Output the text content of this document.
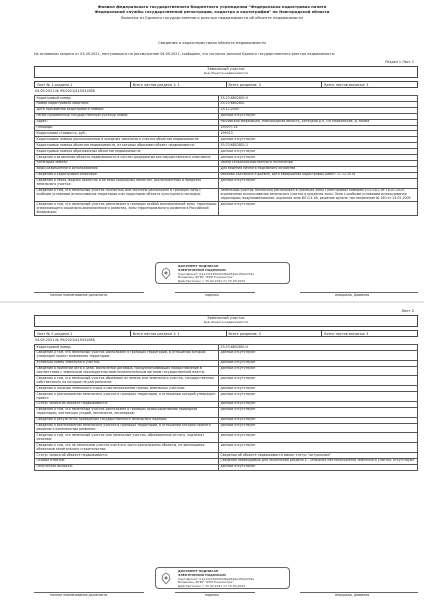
Филиал федерального государственного бюджетного учреждения "Федеральная кадастровая палата
Федеральной службы государственной регистрации, кадастра и картографии" по Новгородской области
Выписка из Единого государственного реестра недвижимости об объекте недвижимости
Сведения о характеристиках объекта недвижимости
На основании запроса от 03.09.2021, поступившего на рассмотрение 04.09.2021, сообщаем, что согласно записям Единого государственного реестра недвижимости:
Раздел 1 Лист 1
Земельный участок
вид объекта недвижимости
Лист № 1 раздела 1	Всего листов раздела 1: 1	Всего разделов: 3	Всего листов выписки: 3
04.09.2021 № 99/2021/419431088
Кадастровый номер:	53:23:6802801:0
Номер кадастрового квартала:	53:23:6802801
Дата присвоения кадастрового номера:	23.12.2005
Ранее присвоенный государственный учетный номер:	данные отсутствуют
Адрес:	Российская Федерация, Новгородская область, Батецкий р-н, с/п Мойкинское, д. Мойка
Площадь:	1500+/-14
Кадастровая стоимость, руб.:	299013
Кадастровые номера расположенных в пределах земельного участка объектов недвижимости:	данные отсутствуют
Кадастровые номера объектов недвижимости, из которых образован объект недвижимости:	53:23:6802801:1
Кадастровые номера образованных объектов недвижимости:	данные отсутствуют
Сведения о включении объекта недвижимости в состав предприятия как имущественного комплекса:	данные отсутствуют
Категория земель:	Земли сельскохозяйственного назначения
Виды разрешенного использования:	Для ведения личного подсобного хозяйства
Сведения о кадастровом инженере:	Иванова Екатерина Юрьевна, дата завершения кадастровых работ: 11.12.2019
Сведения о лесах, водных объектах и об иных природных объектах, расположенных в пределах земельного участка:	данные отсутствуют
Сведения о том, что земельный участок полностью или частично расположен в границах зоны с особыми условиями использования территории или территории объекта культурного наследия:	Земельный участок полностью расположен в границах зоны с реестровым номером 53:23-6.2 от 16.01.2020, ограничение использования земельного участка в пределах зоны: Зона с особыми условиями использования территории, вид/наименование: охранная зона ВЛ-0,4 кВ, решение органа: постановление № 160 от 24.02.2009
Сведения о том, что земельный участок расположен в границах особой экономической зоны, территории опережающего социально-экономического развития, зоны территориального развития в Российской Федерации:	данные отсутствуют
ДОКУМЕНТ ПОДПИСАН
ЭЛЕКТРОННОЙ ПОДПИСЬЮ
Сертификат: 01e13c5300dfad6a934ab1f9a0c59a
Владелец: ФГБУ "ФКП Росреестра"
Действителен: с 15.02.2021 по 15.05.2022
полное наименование должности	подпись	инициалы, фамилия
Лист 2
Земельный участок
вид объекта недвижимости
Лист № 2 раздела 1	Всего листов раздела 1: 1	Всего разделов: 3	Всего листов выписки: 3
04.09.2021 № 99/2021/419431088
Кадастровый номер:	53:23:6802801:0
Сведения о том, что земельный участок расположен в границах территории, в отношении которой утвержден проект межевания территории:	данные отсутствуют
Условный номер земельного участка:	данные отсутствуют
Сведения о принятии акта и (или) заключении договора, предусматривающих предоставление в соответствии с земельным законодательством исполнительным органом государственной власти:	данные отсутствуют
Сведения о том, что земельный участок образован из земель или земельного участка, государственная собственность на которые не разграничена:	данные отсутствуют
Сведения о наличии земельного спора о местоположении границ земельных участков:	данные отсутствуют
Сведения о расположении земельного участка в границах территории, в отношении которой утвержден проект:	данные отсутствуют
Статус записи об объекте недвижимости:	данные отсутствуют
Сведения о том, что земельный участок расположен в границах особо охраняемой природной территории, охотничьих угодий, лесничеств, лесопарков:	данные отсутствуют
Сведения о результатах проведения государственного земельного надзора:	данные отсутствуют
Сведения о расположении земельного участка в границах территории, в отношении которой принято решение о комплексном развитии:	данные отсутствуют
Сведения о том, что земельный участок или земельные участки, образованные из него, подлежат изъятию:	данные отсутствуют
Сведения о том, что на земельном участке или в его части расположены объекты, не являющиеся объектами капитального строительства:	данные отсутствуют
Статус записи об объекте недвижимости:	Сведения об объекте недвижимости имеют статус "актуальные"
Особые отметки:	Сведения необходимые для заполнения раздела 4 - Описание местоположения земельного участка, отсутствуют
Получатель выписки:	данные отсутствуют
ДОКУМЕНТ ПОДПИСАН
ЭЛЕКТРОННОЙ ПОДПИСЬЮ
Сертификат: 01e13c5300dfad6a934ab1f9a0c59a
Владелец: ФГБУ "ФКП Росреестра"
Действителен: с 15.02.2021 по 15.05.2022
полное наименование должности	подпись	инициалы, фамилия
